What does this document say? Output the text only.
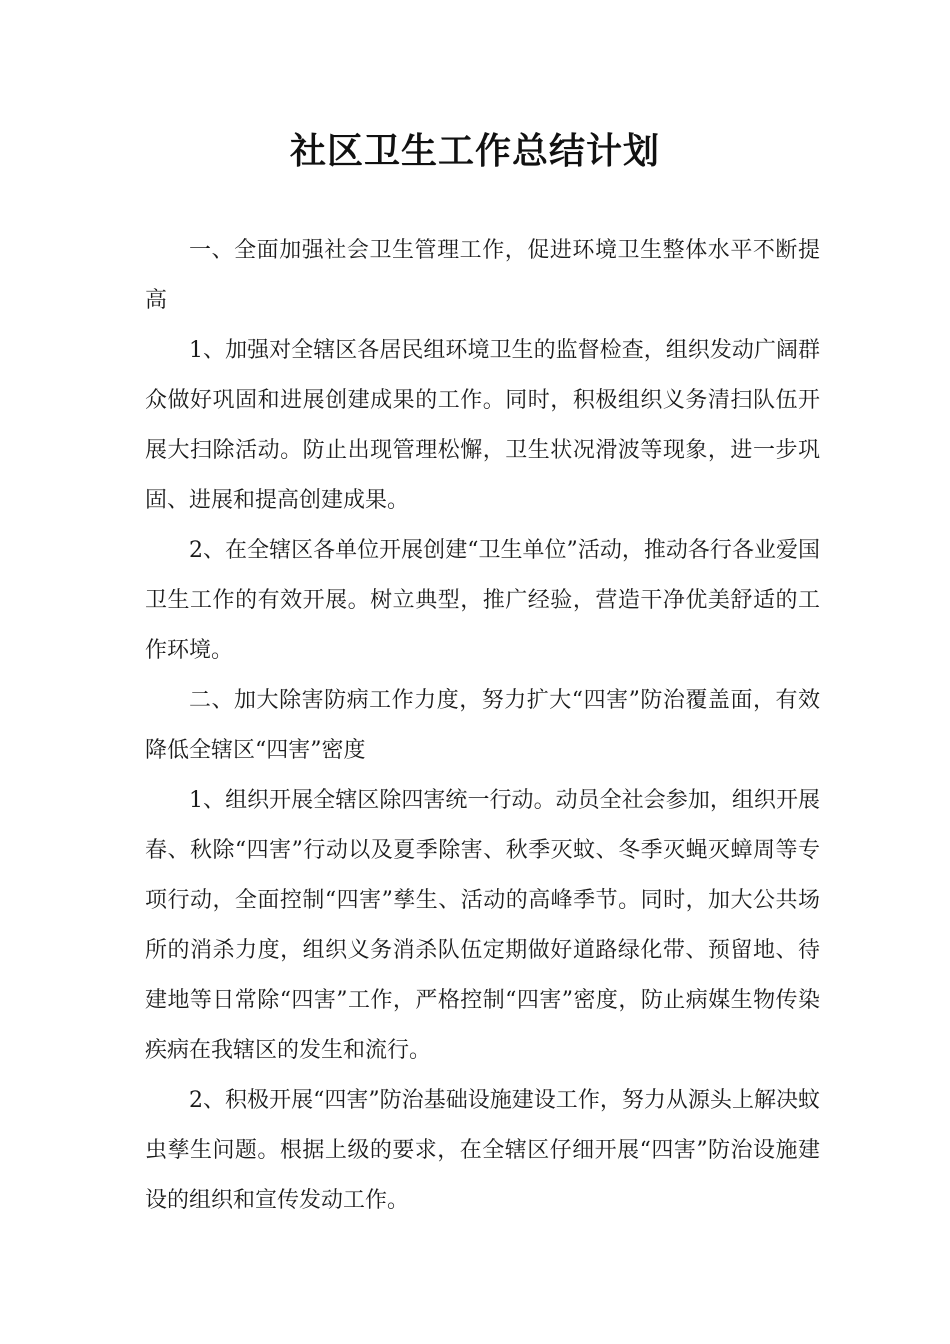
社区卫生工作总结计划

一、全面加强社会卫生管理工作，促进环境卫生整体水平不断提高

1、加强对全辖区各居民组环境卫生的监督检查，组织发动广阔群众做好巩固和进展创建成果的工作。同时，积极组织义务清扫队伍开展大扫除活动。防止出现管理松懈，卫生状况滑波等现象，进一步巩固、进展和提高创建成果。

2、在全辖区各单位开展创建“卫生单位”活动，推动各行各业爱国卫生工作的有效开展。树立典型，推广经验，营造干净优美舒适的工作环境。

二、加大除害防病工作力度，努力扩大“四害”防治覆盖面，有效降低全辖区“四害”密度

1、组织开展全辖区除四害统一行动。动员全社会参加，组织开展春、秋除“四害”行动以及夏季除害、秋季灭蚊、冬季灭蝇灭蟑周等专项行动，全面控制“四害”孳生、活动的高峰季节。同时，加大公共场所的消杀力度，组织义务消杀队伍定期做好道路绿化带、预留地、待建地等日常除“四害”工作，严格控制“四害”密度，防止病媒生物传染疾病在我辖区的发生和流行。

2、积极开展“四害”防治基础设施建设工作，努力从源头上解决蚊虫孳生问题。根据上级的要求，在全辖区仔细开展“四害”防治设施建设的组织和宣传发动工作。
